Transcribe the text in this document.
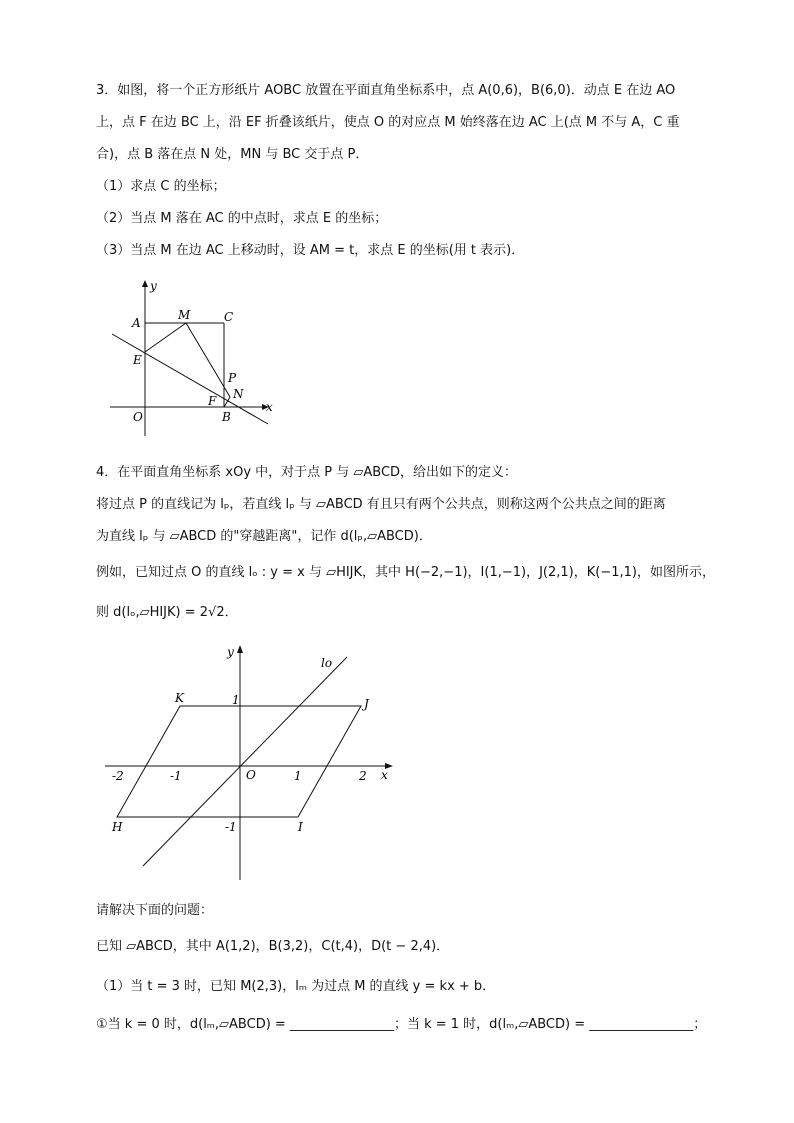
3．如图，将一个正方形纸片 AOBC 放置在平面直角坐标系中，点 A(0,6)，B(6,0)．动点 E 在边 AO
上，点 F 在边 BC 上，沿 EF 折叠该纸片，使点 O 的对应点 M 始终落在边 AC 上(点 M 不与 A，C 重
合)，点 B 落在点 N 处，MN 与 BC 交于点 P．
（1）求点 C 的坐标；
（2）当点 M 落在 AC 的中点时，求点 E 的坐标；
（3）当点 M 在边 AC 上移动时，设 AM = t，求点 E 的坐标(用 t 表示)．
y
A
M	C
E
P
N
F	x
O	B
4．在平面直角坐标系 xOy 中，对于点 P 与 ▱ABCD，给出如下的定义：
将过点 P 的直线记为 lₚ，若直线 lₚ 与 ▱ABCD 有且只有两个公共点，则称这两个公共点之间的距离
为直线 lₚ 与 ▱ABCD 的"穿越距离"，记作 d(lₚ,▱ABCD)．
例如，已知过点 O 的直线 lₒ : y = x 与 ▱HIJK，其中 H(−2,−1)，I(1,−1)，J(2,1)，K(−1,1)，如图所示，
则 d(lₒ,▱HIJK) = 2√2．
y
lo
K	1	J
-2	-1	O	1	2 x
H	-1	I
请解决下面的问题：
已知 ▱ABCD，其中 A(1,2)，B(3,2)，C(t,4)，D(t − 2,4)．
（1）当 t = 3 时，已知 M(2,3)，lₘ 为过点 M 的直线 y = kx + b．
①当 k = 0 时，d(lₘ,▱ABCD) = ________________；当 k = 1 时，d(lₘ,▱ABCD) = ________________；
